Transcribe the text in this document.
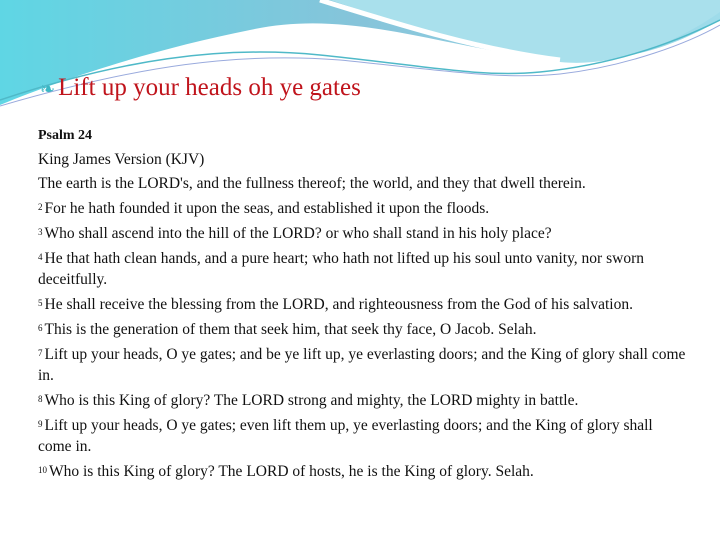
❧ Lift up your heads oh ye gates

Psalm 24

King James Version (KJV)

The earth is the LORD's, and the fullness thereof; the world, and they that dwell therein.

$^2$ For he hath founded it upon the seas, and established it upon the floods.

$^3$ Who shall ascend into the hill of the LORD? or who shall stand in his holy place?

$^4$ He that hath clean hands, and a pure heart; who hath not lifted up his soul unto vanity, nor sworn deceitfully.

$^5$ He shall receive the blessing from the LORD, and righteousness from the God of his salvation.

$^6$ This is the generation of them that seek him, that seek thy face, O Jacob. Selah.

$^7$ Lift up your heads, O ye gates; and be ye lift up, ye everlasting doors; and the King of glory shall come in.

$^8$ Who is this King of glory? The LORD strong and mighty, the LORD mighty in battle.

$^9$ Lift up your heads, O ye gates; even lift them up, ye everlasting doors; and the King of glory shall come in.

$^{10}$ Who is this King of glory? The LORD of hosts, he is the King of glory. Selah.
